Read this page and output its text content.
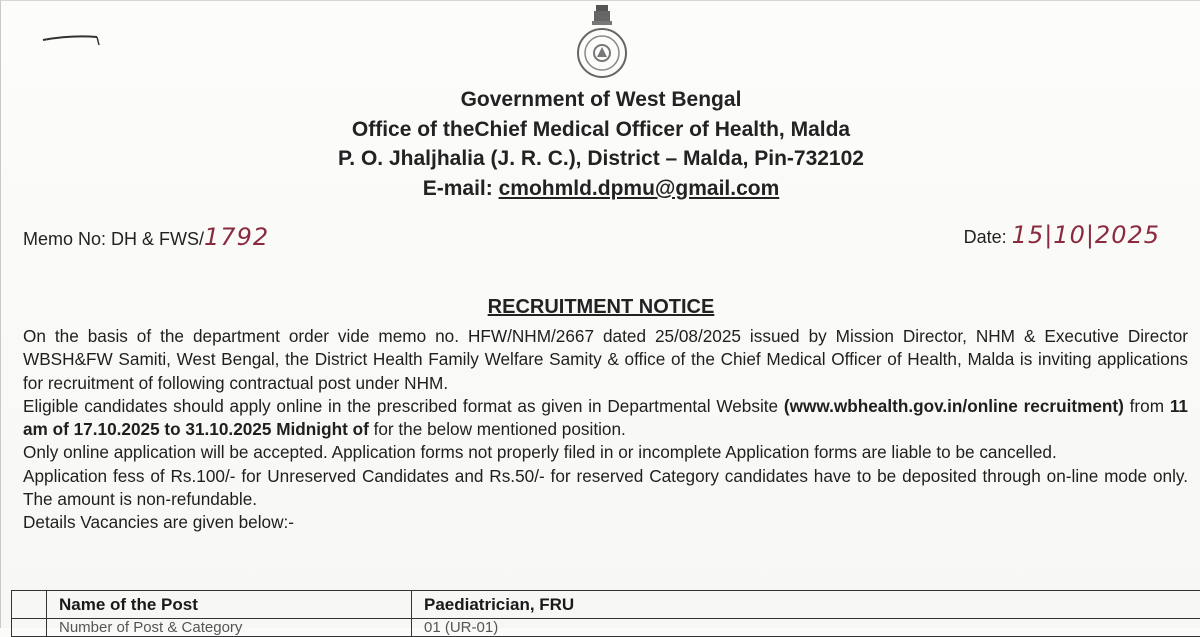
Government of West Bengal
Office of theChief Medical Officer of Health, Malda
P. O. Jhaljhalia (J. R. C.), District – Malda, Pin-732102
E-mail: cmohmld.dpmu@gmail.com
Memo No: DH & FWS/1792	Date: 15|10|2025
RECRUITMENT NOTICE

On the basis of the department order vide memo no. HFW/NHM/2667 dated 25/08/2025 issued by Mission Director, NHM & Executive Director WBSH&FW Samiti, West Bengal, the District Health Family Welfare Samity & office of the Chief Medical Officer of Health, Malda is inviting applications for recruitment of following contractual post under NHM.

Eligible candidates should apply online in the prescribed format as given in Departmental Website (www.wbhealth.gov.in/online recruitment) from 11 am of 17.10.2025 to 31.10.2025 Midnight of for the below mentioned position.

Only online application will be accepted. Application forms not properly filed in or incomplete Application forms are liable to be cancelled.

Application fess of Rs.100/- for Unreserved Candidates and Rs.50/- for reserved Category candidates have to be deposited through on-line mode only. The amount is non-refundable.

Details Vacancies are given below:-

	Name of the Post	Paediatrician, FRU
	Number of Post & Category	01 (UR-01)
